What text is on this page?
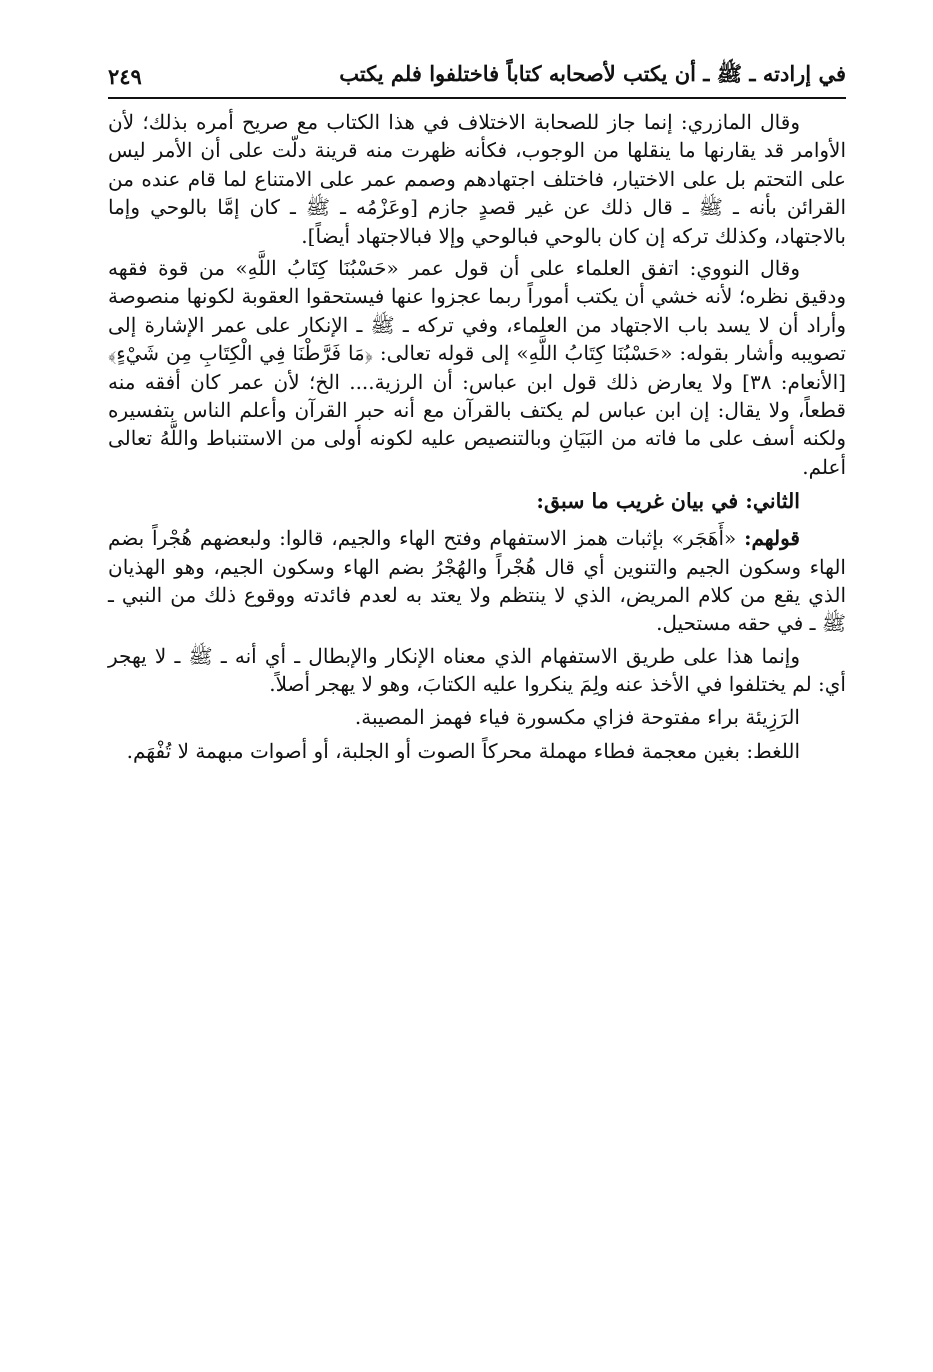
في إرادته ـ ﷺ ـ أن يكتب لأصحابه كتاباً فاختلفوا فلم يكتب
٢٤٩

وقال المازري: إنما جاز للصحابة الاختلاف في هذا الكتاب مع صريح أمره بذلك؛ لأن الأوامر قد يقارنها ما ينقلها من الوجوب، فكأنه ظهرت منه قرينة دلّت على أن الأمر ليس على التحتم بل على الاختيار، فاختلف اجتهادهم وصمم عمر على الامتناع لما قام عنده من القرائن بأنه ـ ﷺ ـ قال ذلك عن غير قصدٍ جازم [وعَزْمُه ـ ﷺ ـ كان إمَّا بالوحي وإما بالاجتهاد، وكذلك تركه إن كان بالوحي فبالوحي وإلا فبالاجتهاد أيضاً].

وقال النووي: اتفق العلماء على أن قول عمر «حَسْبُنَا كِتَابُ اللَّهِ» من قوة فقهه ودقيق نظره؛ لأنه خشي أن يكتب أموراً ربما عجزوا عنها فيستحقوا العقوبة لكونها منصوصة وأراد أن لا يسد باب الاجتهاد من العلماء، وفي تركه ـ ﷺ ـ الإنكار على عمر الإشارة إلى تصويبه وأشار بقوله: «حَسْبُنَا كِتَابُ اللَّهِ» إلى قوله تعالى: ﴿مَا فَرَّطْنَا فِي الْكِتَابِ مِن شَيْءٍ﴾ [الأنعام: ٣٨] ولا يعارض ذلك قول ابن عباس: أن الرزية.... الخ؛ لأن عمر كان أفقه منه قطعاً، ولا يقال: إن ابن عباس لم يكتف بالقرآن مع أنه حبر القرآن وأعلم الناس بتفسيره ولكنه أسف على ما فاته من البَيَانِ وبالتنصيص عليه لكونه أولى من الاستنباط واللَّهُ تعالى أعلم.

الثاني: في بيان غريب ما سبق:

قولهم: «أَهَجَر» بإثبات همز الاستفهام وفتح الهاء والجيم، قالوا: ولبعضهم هُجْراً بضم الهاء وسكون الجيم والتنوين أي قال هُجْراً والهُجْرُ بضم الهاء وسكون الجيم، وهو الهذيان الذي يقع من كلام المريض، الذي لا ينتظم ولا يعتد به لعدم فائدته ووقوع ذلك من النبي ـ ﷺ ـ في حقه مستحيل.

وإنما هذا على طريق الاستفهام الذي معناه الإنكار والإبطال ـ أي أنه ـ ﷺ ـ لا يهجر أي: لم يختلفوا في الأخذ عنه ولِمَ ينكروا عليه الكتابَ، وهو لا يهجر أصلاً.

الرَزِيئة براء مفتوحة فزاي مكسورة فياء فهمز المصيبة.

اللغط: بغين معجمة فطاء مهملة محركاً الصوت أو الجلبة، أو أصوات مبهمة لا تُفْهَم.
